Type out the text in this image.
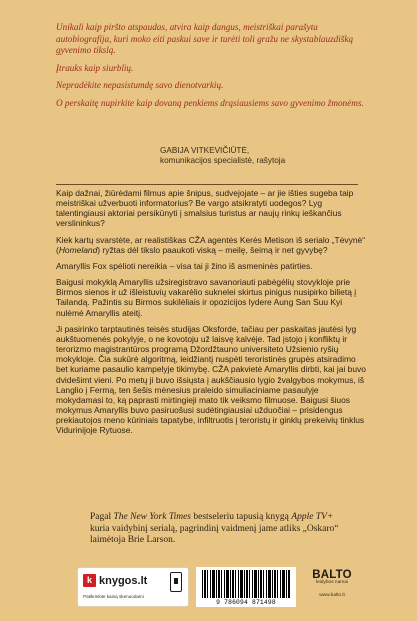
Unikali kaip piršto atspaudas, atvira kaip dangus, meistriškai parašyta autobiografija, kuri moko eiti paskui save ir turėti toli gražu ne skystablauzdišką gyvenimo tikslą.

Įtrauks kaip siurblių.

Nepradėkite nepasistumdę savo dienotvarkių.

O perskaitę nupirkite kaip dovaną penkiems drąsiausiems savo gyvenimo žmonėms.

GABIJA VITKEVIČIŪTĖ,
komunikacijos specialistė, rašytoja

Kaip dažnai, žiūrėdami filmus apie šnipus, sudvejojate – ar jie išties sugeba taip meistriškai užverbuoti informatorius? Be vargo atsikratyti uodegos? Lyg talentingiausi aktoriai persikūnyti į smalsius turistus ar naujų rinkų ieškančius verslininkus?

Kiek kartų svarstėte, ar realistiškas CŽA agentės Kerės Metison iš serialo „Tėvynė“ (Homeland) ryžtas dėl tikslo paaukoti viską – meilę, šeimą ir net gyvybę?

Amaryllis Fox spėlioti nereikia – visa tai ji žino iš asmeninės patirties.

Baigusi mokyklą Amaryllis užsiregistravo savanoriauti pabėgėlių stovykloje prie Birmos sienos ir už išleistuvių vakarėlio suknelei skirtus pinigus nusipirko bilietą į Tailandą. Pažintis su Birmos sukilėliais ir opozicijos lydere Aung San Suu Kyi nulėmė Amaryllis ateitį.

Ji pasirinko tarptautinės teisės studijas Oksforde, tačiau per paskaitas jautėsi lyg aukštuomenės pokylyje, o ne kovotoju už laisvę kalvėje. Tad įstojo į konfliktų ir terorizmo magistrantūros programą Džordžtauno universiteto Užsienio ryšių mokykloje. Čia sukūrė algoritmą, leidžiantį nuspėti teroristinės grupės atsiradimo bet kuriame pasaulio kampelyje tikimybę. CŽA pakvietė Amaryllis dirbti, kai jai buvo dvidešimt vieni. Po metų ji buvo išsiųsta į aukščiausio lygio žvalgybos mokymus, iš Langlio į Fermą, ten šešis mėnesius praleido simuliaciniame pasaulyje mokydamasi to, ką paprasti mirtingieji mato tik veiksmo filmuose. Baigusi šiuos mokymus Amaryllis buvo pasiruošusi sudėtingiausiai užduočiai – prisidengus prekiautojos meno kūriniais tapatybe, infiltruotis į teroristų ir ginklų prekeivių tinklus Vidurinijoje Rytuose.

Pagal The New York Times bestseleriu tapusią knygą Apple TV+ kuria vaidybinį serialą, pagrindinį vaidmenį jame atliks „Oskaro“ laimėtoja Brie Larson.
k knygos.lt
Patikrinkite kainą skenuodami
9 786094 871498
BALTO
leidybos namai
www.balto.lt
